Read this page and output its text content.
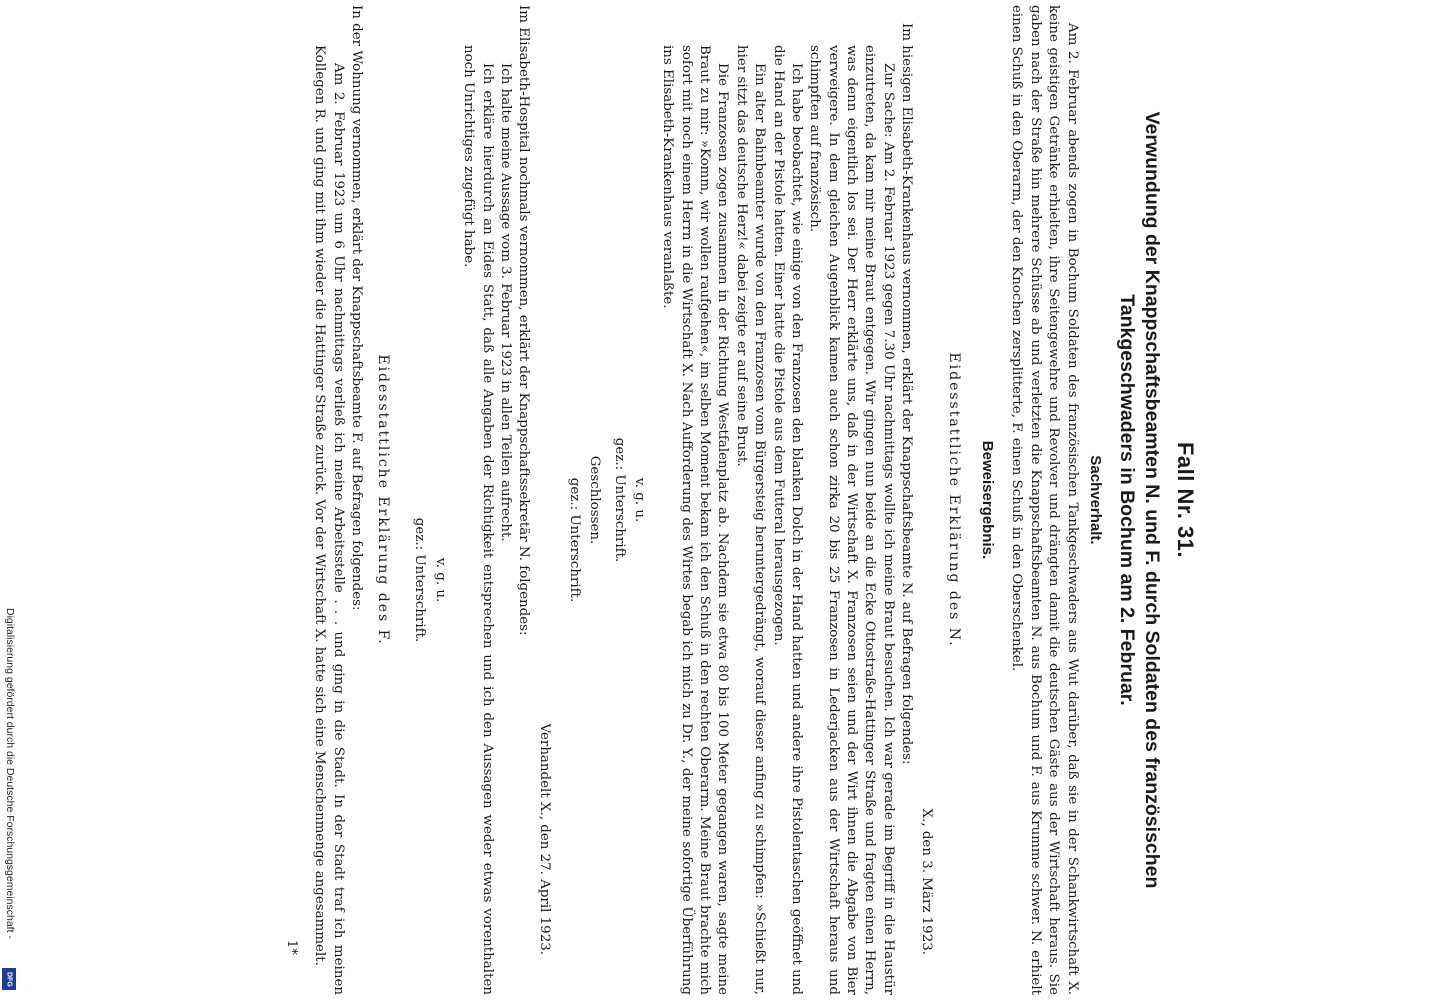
Fall Nr. 31.
Verwundung der Knappschaftsbeamten N. und F. durch Soldaten des französischen Tankgeschwaders in Bochum am 2. Februar.
Sachverhalt.

Am 2. Februar abends zogen in Bochum Soldaten des französischen Tankgeschwaders aus Wut darüber, daß sie in der Schankwirtschaft X. keine geistigen Getränke erhielten, ihre Seitengewehre und Revolver und drängten damit die deutschen Gäste aus der Wirtschaft heraus. Sie gaben nach der Straße hin mehrere Schüsse ab und verletzten die Knappschaftsbeamten N. aus Bochum und F. aus Krumme schwer. N. erhielt einen Schuß in den Oberarm, der den Knochen zersplitterte, F. einen Schuß in den Oberschenkel.

Beweisergebnis.
Eidesstattliche Erklärung des N.
X., den 3. März 1923.

Im hiesigen Elisabeth-Krankenhaus vernommen, erklärt der Knappschaftsbeamte N. auf Befragen folgendes:

Zur Sache: Am 2. Februar 1923 gegen 7.30 Uhr nachmittags wollte ich meine Braut besuchen. Ich war gerade im Begriff in die Haustür einzutreten, da kam mir meine Braut entgegen. Wir gingen nun beide an die Ecke Ottostraße-Hattinger Straße und fragten einen Herrn, was denn eigentlich los sei. Der Herr erklärte uns, daß in der Wirtschaft X. Franzosen seien und der Wirt ihnen die Abgabe von Bier verweigere. In dem gleichen Augenblick kamen auch schon zirka 20 bis 25 Franzosen in Lederjacken aus der Wirtschaft heraus und schimpften auf französisch.

Ich habe beobachtet, wie einige von den Franzosen den blanken Dolch in der Hand hatten und andere ihre Pistolentaschen geöffnet und die Hand an der Pistole hatten. Einer hatte die Pistole aus dem Futteral herausgezogen.

Ein alter Bahnbeamter wurde von den Franzosen vom Bürgersteig heruntergedrängt, worauf dieser anfing zu schimpfen: »Schießt nur, hier sitzt das deutsche Herz!« dabei zeigte er auf seine Brust.

Die Franzosen zogen zusammen in der Richtung Westfalenplatz ab. Nachdem sie etwa 80 bis 100 Meter gegangen waren, sagte meine Braut zu mir: »Komm, wir wollen raufgehen«, im selben Moment bekam ich den Schuß in den rechten Oberarm. Meine Braut brachte mich sofort mit noch einem Herrn in die Wirtschaft X. Nach Aufforderung des Wirtes begab ich mich zu Dr. Y., der meine sofortige Überführung ins Elisabeth-Krankenhaus veranlaßte.

v. g. u.
gez.: Unterschrift.
Geschlossen.
gez.: Unterschrift.
Verhandelt X., den 27. April 1923.

Im Elisabeth-Hospital nochmals vernommen, erklärt der Knappschaftssekretär N. folgendes:

Ich halte meine Aussage vom 3. Februar 1923 in allen Teilen aufrecht.

Ich erkläre hierdurch an Eides Statt, daß alle Angaben der Richtigkeit entsprechen und ich den Aussagen weder etwas vorenthalten noch Unrichtiges zugefügt habe.

v. g. u.
gez.: Unterschrift.
Eidesstattliche Erklärung des F.

In der Wohnung vernommen, erklärt der Knappschaftsbeamte F. auf Befragen folgendes:

Am 2. Februar 1923 um 6 Uhr nachmittags verließ ich meine Arbeitsstelle . . . und ging in die Stadt. In der Stadt traf ich meinen Kollegen R. und ging mit ihm wieder die Hattinger Straße zurück. Vor der Wirtschaft X. hatte sich eine Menschenmenge angesammelt.

1*
Digitalisierung gefördert durch die Deutsche Forschungsgemeinschaft -
DFG
